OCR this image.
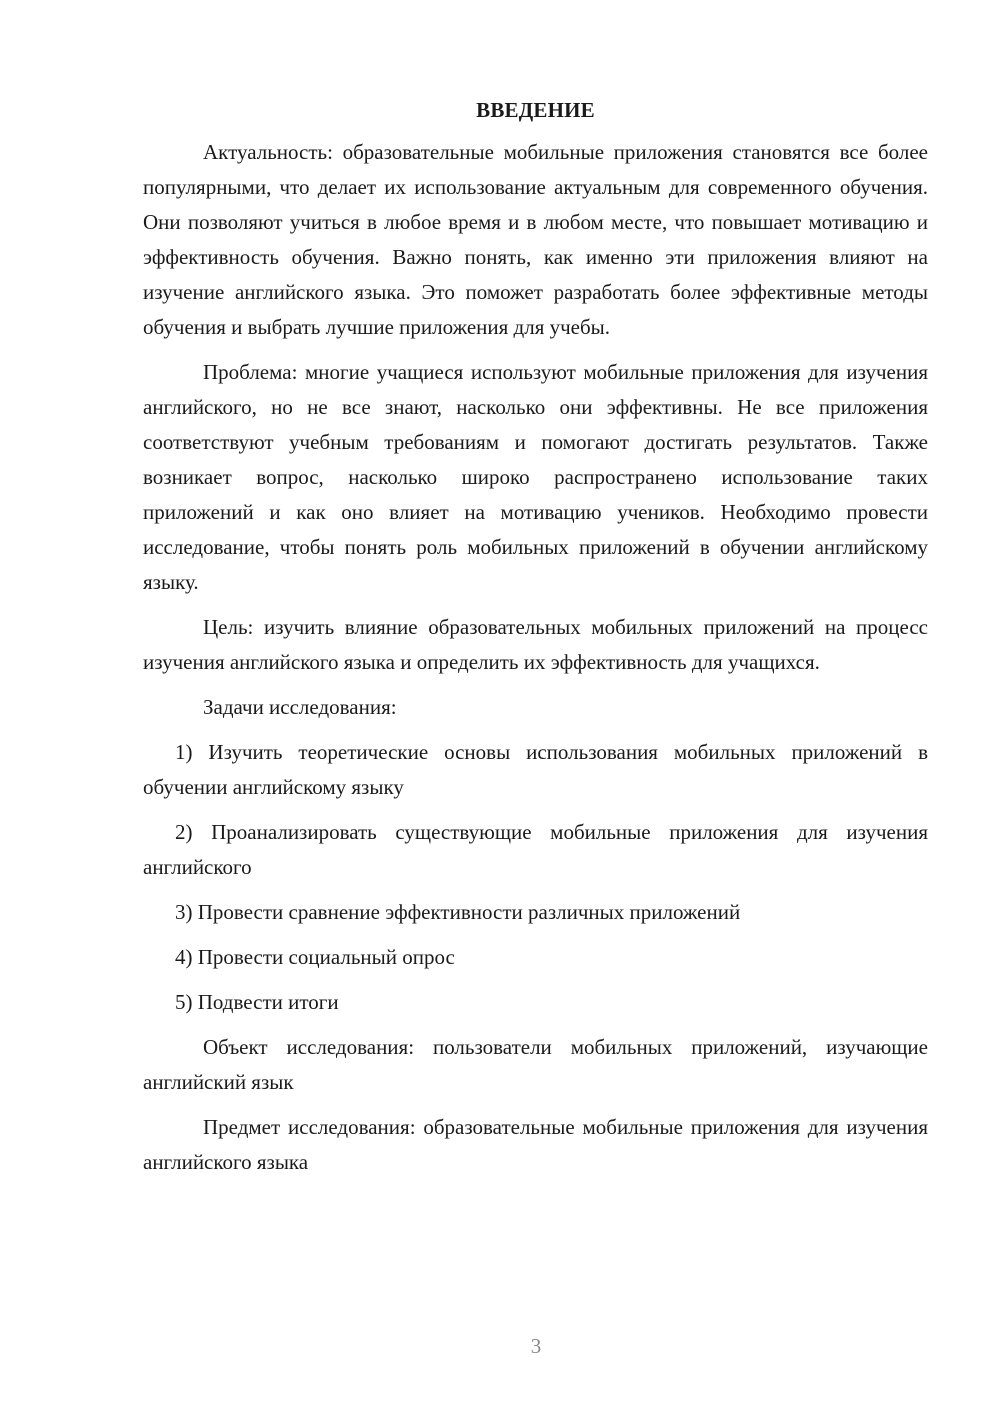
ВВЕДЕНИЕ

Актуальность: образовательные мобильные приложения становятся все более популярными, что делает их использование актуальным для современного обучения. Они позволяют учиться в любое время и в любом месте, что повышает мотивацию и эффективность обучения. Важно понять, как именно эти приложения влияют на изучение английского языка. Это поможет разработать более эффективные методы обучения и выбрать лучшие приложения для учебы.

Проблема: многие учащиеся используют мобильные приложения для изучения английского, но не все знают, насколько они эффективны. Не все приложения соответствуют учебным требованиям и помогают достигать результатов. Также возникает вопрос, насколько широко распространено использование таких приложений и как оно влияет на мотивацию учеников. Необходимо провести исследование, чтобы понять роль мобильных приложений в обучении английскому языку.

Цель: изучить влияние образовательных мобильных приложений на процесс изучения английского языка и определить их эффективность для учащихся.

Задачи исследования:

1) Изучить теоретические основы использования мобильных приложений в обучении английскому языку

2) Проанализировать существующие мобильные приложения для изучения английского

3) Провести сравнение эффективности различных приложений

4) Провести социальный опрос

5) Подвести итоги

Объект исследования: пользователи мобильных приложений, изучающие английский язык

Предмет исследования: образовательные мобильные приложения для изучения английского языка

3
